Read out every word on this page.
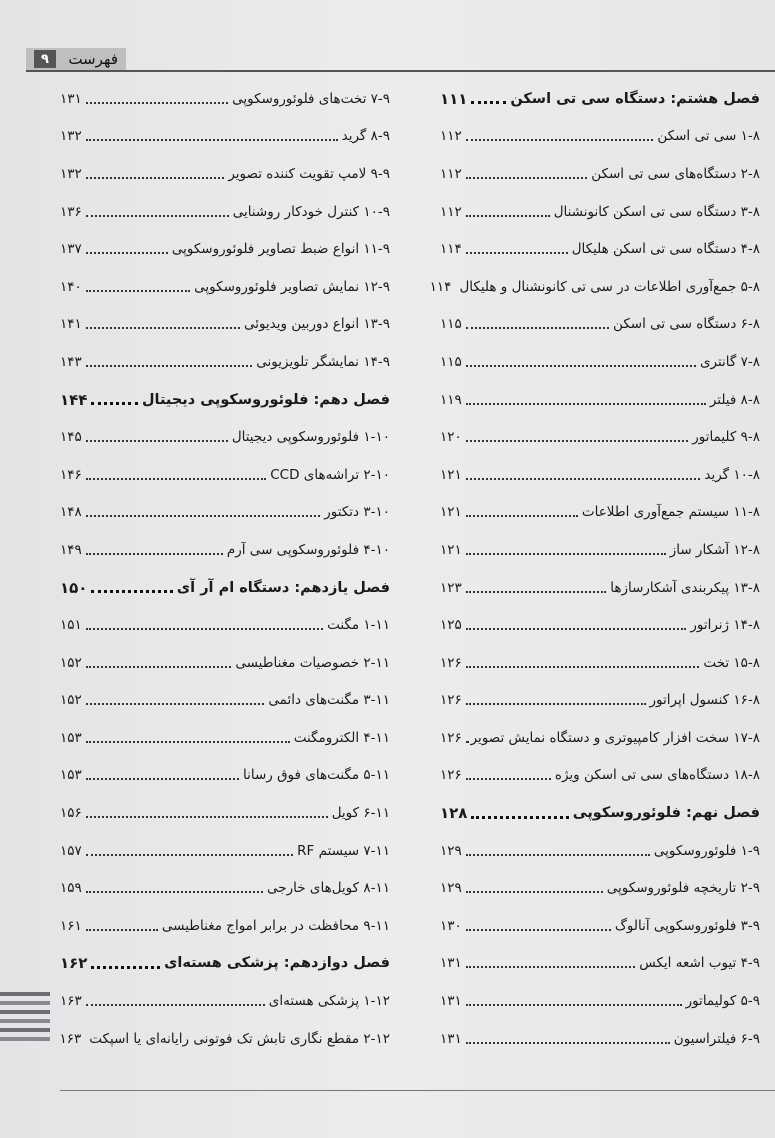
فهرست
۹
فصل هشتم: دستگاه سی تی اسکن
۱۱۱
۱-۸ سی تی اسکن
۱۱۲
۲-۸ دستگاه‌های سی تی اسکن
۱۱۲
۳-۸ دستگاه سی تی اسکن کانونشنال
۱۱۲
۴-۸ دستگاه سی تی اسکن هلیکال
۱۱۴
۵-۸ جمع‌آوری اطلاعات در سی تی کانونشنال و هلیکال
۱۱۴
۶-۸ دستگاه سی تی اسکن
۱۱۵
۷-۸ گانتری
۱۱۵
۸-۸ فیلتر
۱۱۹
۹-۸ کلیماتور
۱۲۰
۱۰-۸ گرید
۱۲۱
۱۱-۸ سیستم جمع‌آوری اطلاعات
۱۲۱
۱۲-۸ آشکار ساز
۱۲۱
۱۳-۸ پیکربندی آشکارسازها
۱۲۳
۱۴-۸ ژنراتور
۱۲۵
۱۵-۸ تخت
۱۲۶
۱۶-۸ کنسول اپراتور
۱۲۶
۱۷-۸ سخت افزار کامپیوتری و دستگاه نمایش تصویر
۱۲۶
۱۸-۸ دستگاه‌های سی تی اسکن ویژه
۱۲۶
فصل نهم: فلوئوروسکوپی
۱۲۸
۱-۹ فلوئوروسکوپی
۱۲۹
۲-۹ تاریخچه فلوئوروسکوپی
۱۲۹
۳-۹ فلوئوروسکوپی آنالوگ
۱۳۰
۴-۹ تیوب اشعه ایکس
۱۳۱
۵-۹ کولیماتور
۱۳۱
۶-۹ فیلتراسیون
۱۳۱
۷-۹ تخت‌های فلوئوروسکوپی
۱۳۱
۸-۹ گرید
۱۳۲
۹-۹ لامپ تقویت کننده تصویر
۱۳۲
۱۰-۹ کنترل خودکار روشنایی
۱۳۶
۱۱-۹ انواع ضبط تصاویر فلوئوروسکوپی
۱۳۷
۱۲-۹ نمایش تصاویر فلوئوروسکوپی
۱۴۰
۱۳-۹ انواع دوربین ویدیوئی
۱۴۱
۱۴-۹ نمایشگر تلویزیونی
۱۴۳
فصل دهم: فلوئوروسکوپی دیجیتال
۱۴۴
۱-۱۰ فلوئوروسکوپی دیجیتال
۱۴۵
۲-۱۰ تراشه‌های CCD
۱۴۶
۳-۱۰ دتکتور
۱۴۸
۴-۱۰ فلوئوروسکوپی سی آرم
۱۴۹
فصل یازدهم: دستگاه ام آر آی
۱۵۰
۱-۱۱ مگنت
۱۵۱
۲-۱۱ خصوصیات مغناطیسی
۱۵۲
۳-۱۱ مگنت‌های دائمی
۱۵۲
۴-۱۱ الکترومگنت
۱۵۳
۵-۱۱ مگنت‌های فوق رسانا
۱۵۳
۶-۱۱ کویل
۱۵۶
۷-۱۱ سیستم RF
۱۵۷
۸-۱۱ کویل‌های خارجی
۱۵۹
۹-۱۱ محافظت در برابر امواج مغناطیسی
۱۶۱
فصل دوازدهم: پزشکی هسته‌ای
۱۶۲
۱-۱۲ پزشکی هسته‌ای
۱۶۳
۲-۱۲ مقطع نگاری تابش تک فوتونی رایانه‌ای یا اسپکت
۱۶۳
